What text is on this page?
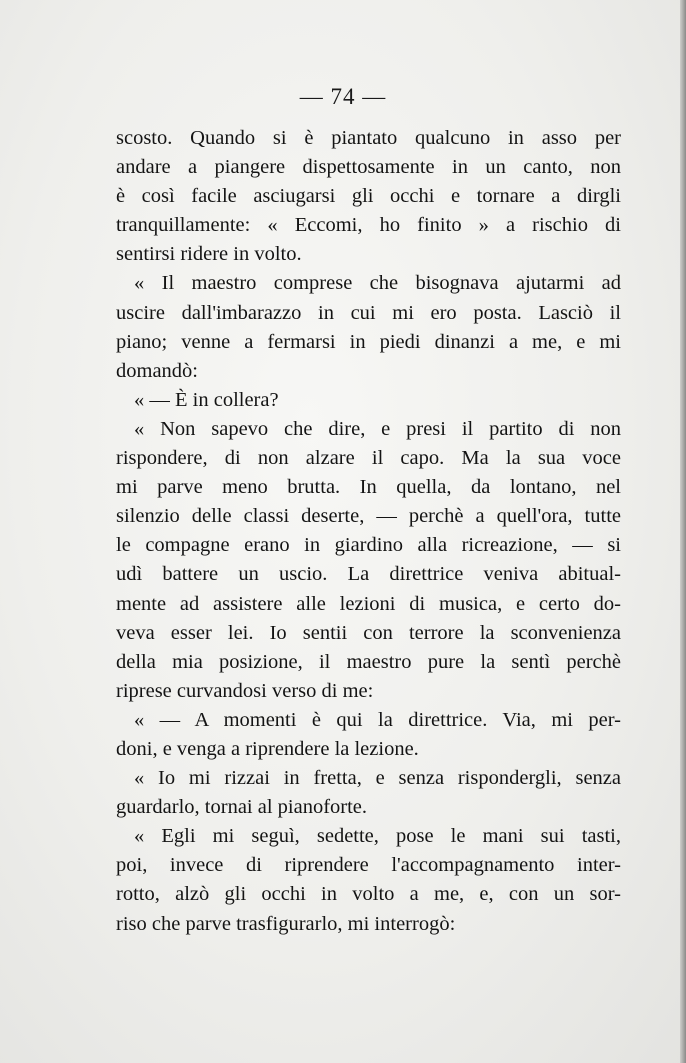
— 74 —
scosto. Quando si è piantato qualcuno in asso per
andare a piangere dispettosamente in un canto, non
è così facile asciugarsi gli occhi e tornare a dirgli
tranquillamente: « Eccomi, ho finito » a rischio di
sentirsi ridere in volto.
« Il maestro comprese che bisognava ajutarmi ad
uscire dall'imbarazzo in cui mi ero posta. Lasciò il
piano; venne a fermarsi in piedi dinanzi a me, e mi
domandò:
« — È in collera?
« Non sapevo che dire, e presi il partito di non
rispondere, di non alzare il capo. Ma la sua voce
mi parve meno brutta. In quella, da lontano, nel
silenzio delle classi deserte, — perchè a quell'ora, tutte
le compagne erano in giardino alla ricreazione, — si
udì battere un uscio. La direttrice veniva abitual-
mente ad assistere alle lezioni di musica, e certo do-
veva esser lei. Io sentii con terrore la sconvenienza
della mia posizione, il maestro pure la sentì perchè
riprese curvandosi verso di me:
« — A momenti è qui la direttrice. Via, mi per-
doni, e venga a riprendere la lezione.
« Io mi rizzai in fretta, e senza rispondergli, senza
guardarlo, tornai al pianoforte.
« Egli mi seguì, sedette, pose le mani sui tasti,
poi, invece di riprendere l'accompagnamento inter-
rotto, alzò gli occhi in volto a me, e, con un sor-
riso che parve trasfigurarlo, mi interrogò:
